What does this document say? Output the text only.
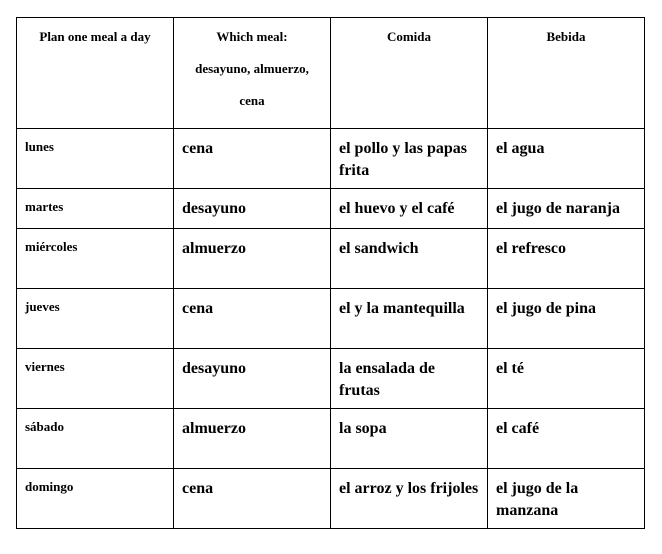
Plan one meal a day	Which meal:
desayuno, almuerzo,
cena	Comida	Bebida

lunes	cena	el pollo y las papas frita	el agua
martes	desayuno	el huevo y el café	el jugo de naranja
miércoles	almuerzo	el sandwich	el refresco
jueves	cena	el y la mantequilla	el jugo de pina
viernes	desayuno	la ensalada de frutas	el té
sábado	almuerzo	la sopa	el café
domingo	cena	el arroz y los frijoles	el jugo de la manzana
